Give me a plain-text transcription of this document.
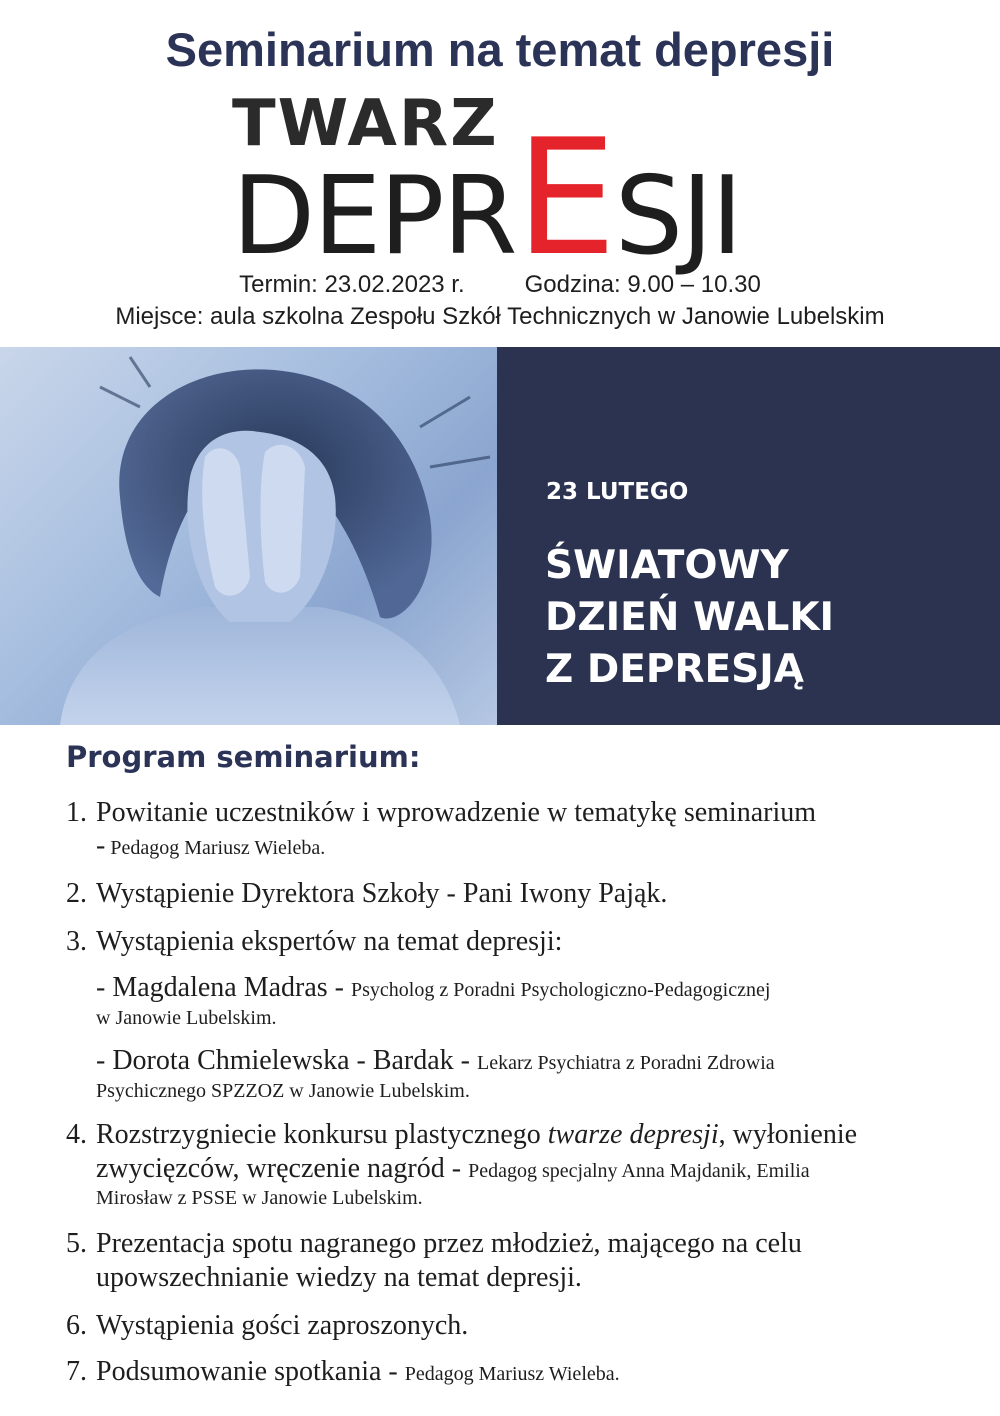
Seminarium na temat depresji
TWARZ
DEPRESJI
Termin: 23.02.2023 r.	Godzina: 9.00 – 10.30
Miejsce: aula szkolna Zespołu Szkół Technicznych w Janowie Lubelskim
23 LUTEGO
ŚWIATOWY
DZIEŃ WALKI
Z DEPRESJĄ
Program seminarium:
1. Powitanie uczestników i wprowadzenie w tematykę seminarium
- Pedagog Mariusz Wieleba.
2. Wystąpienie Dyrektora Szkoły - Pani Iwony Pająk.
3. Wystąpienia ekspertów na temat depresji:
- Magdalena Madras - Psycholog z Poradni Psychologiczno-Pedagogicznej
w Janowie Lubelskim.
- Dorota Chmielewska - Bardak - Lekarz Psychiatra z Poradni Zdrowia
Psychicznego SPZZOZ w Janowie Lubelskim.
4. Rozstrzygniecie konkursu plastycznego twarze depresji, wyłonienie
zwycięzców, wręczenie nagród - Pedagog specjalny Anna Majdanik, Emilia
Mirosław z PSSE w Janowie Lubelskim.
5. Prezentacja spotu nagranego przez młodzież, mającego na celu
upowszechnianie wiedzy na temat depresji.
6. Wystąpienia gości zaproszonych.
7. Podsumowanie spotkania - Pedagog Mariusz Wieleba.
